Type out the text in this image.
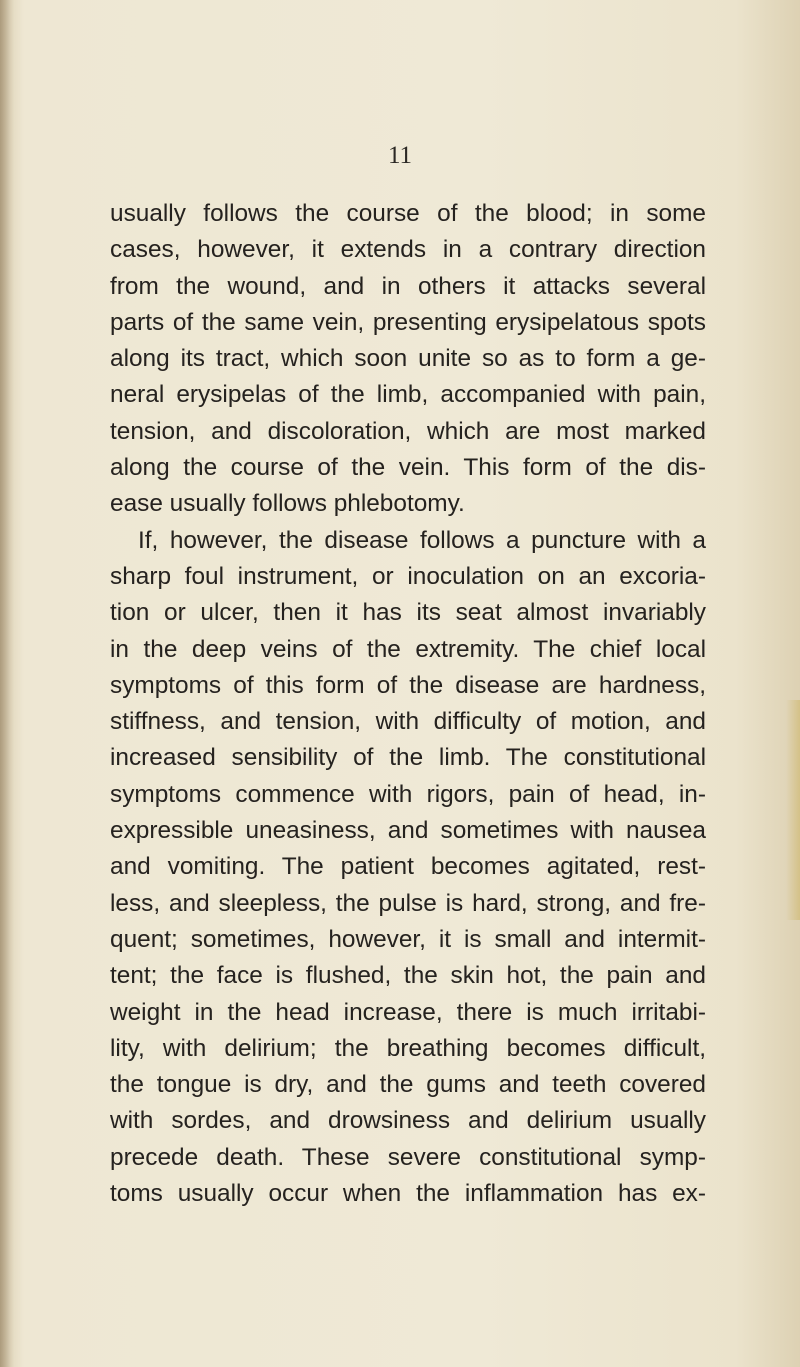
11
usually follows the course of the blood; in some
cases, however, it extends in a contrary direction
from the wound, and in others it attacks several
parts of the same vein, presenting erysipelatous spots
along its tract, which soon unite so as to form a ge-
neral erysipelas of the limb, accompanied with pain,
tension, and discoloration, which are most marked
along the course of the vein. This form of the dis-
ease usually follows phlebotomy.
If, however, the disease follows a puncture with a
sharp foul instrument, or inoculation on an excoria-
tion or ulcer, then it has its seat almost invariably
in the deep veins of the extremity. The chief local
symptoms of this form of the disease are hardness,
stiffness, and tension, with difficulty of motion, and
increased sensibility of the limb. The constitutional
symptoms commence with rigors, pain of head, in-
expressible uneasiness, and sometimes with nausea
and vomiting. The patient becomes agitated, rest-
less, and sleepless, the pulse is hard, strong, and fre-
quent; sometimes, however, it is small and intermit-
tent; the face is flushed, the skin hot, the pain and
weight in the head increase, there is much irritabi-
lity, with delirium; the breathing becomes difficult,
the tongue is dry, and the gums and teeth covered
with sordes, and drowsiness and delirium usually
precede death. These severe constitutional symp-
toms usually occur when the inflammation has ex-
